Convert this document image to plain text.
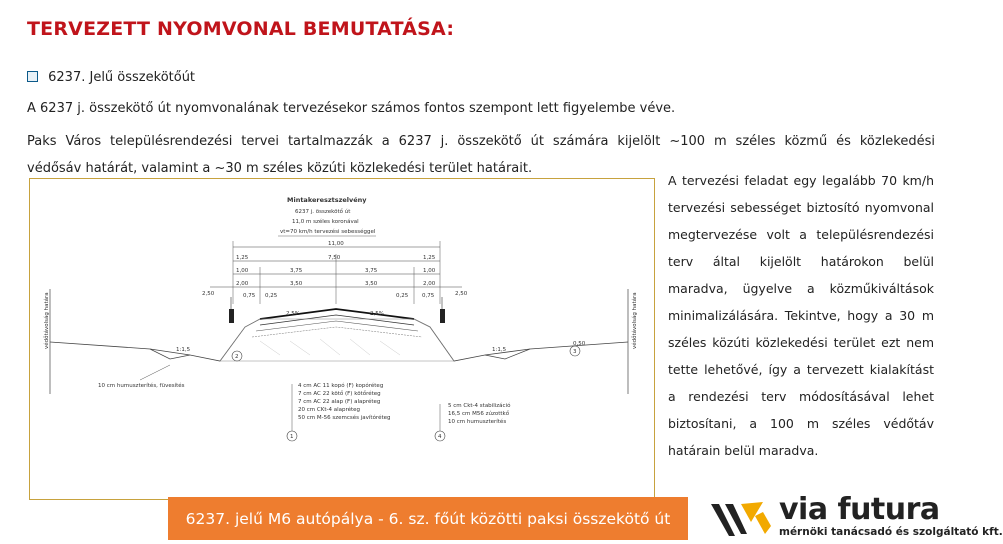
TERVEZETT NYOMVONAL BEMUTATÁSA:
6237. Jelű összekötőút
A 6237 j. összekötő út nyomvonalának tervezésekor számos fontos szempont lett figyelembe véve.
Paks Város településrendezési tervei tartalmazzák a 6237 j. összekötő út számára kijelölt ~100 m széles közmű és közlekedési
védősáv határát, valamint a ~30 m széles közúti közlekedési terület határait.
Mintakeresztszelvény
6237 j. összekötő út
11,0 m széles koronával
vt=70 km/h tervezési sebességgel
11,00
1,25	7,50	1,25
1,00	3,75	3,75	1,00
2,00	3,50	3,50	2,00
2,50	2,50
0,75 0,25	0,25	0,75
védőtávolság határa	védőtávolság határa
1:1,5	1:1,5
2,5%	2,5%
2
1	4
3
0,50
10 cm humuszterítés, füvesítés	4 cm AC 11 kopó (F) kopóréteg
7 cm AC 22 kötő (F) kötőréteg
7 cm AC 22 alap (F) alapréteg
20 cm CKt-4 alapréteg
50 cm M-56 szemcsés javítóréteg
5 cm Ckt-4 stabilizáció
16,5 cm M56 zúzottkő
10 cm humuszterítés
A tervezési feladat egy legalább 70 km/h tervezési sebességet biztosító nyomvonal megtervezése volt a településrendezési terv által kijelölt határokon belül maradva, ügyelve a közműkiváltások minimalizálására. Tekintve, hogy a 30 m széles közúti közlekedési terület ezt nem tette lehetővé, így a tervezett kialakítást a rendezési terv módosításával lehet biztosítani, a 100 m széles védőtáv határain belül maradva.
6237. jelű M6 autópálya - 6. sz. főút közötti paksi összekötő út	via futura
mérnöki tanácsadó és szolgáltató kft.
